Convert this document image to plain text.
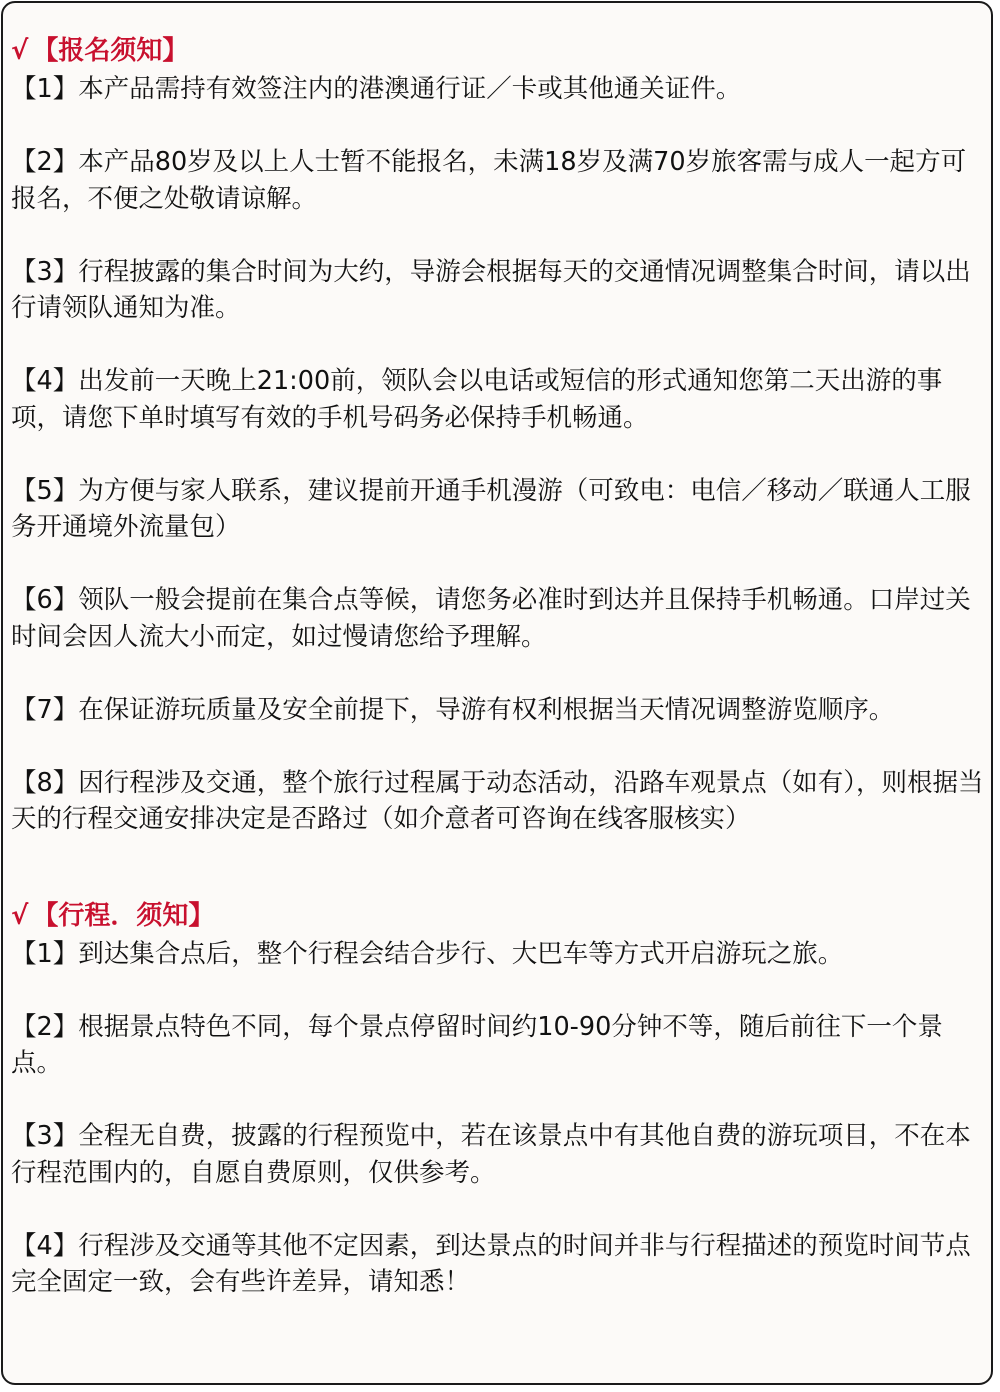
√ 【报名须知】
【1】本产品需持有效签注内的港澳通行证／卡或其他通关证件。
【2】本产品80岁及以上人士暂不能报名，未满18岁及满70岁旅客需与成人一起方可报名，不便之处敬请谅解。
【3】行程披露的集合时间为大约，导游会根据每天的交通情况调整集合时间，请以出行请领队通知为准。
【4】出发前一天晚上21:00前，领队会以电话或短信的形式通知您第二天出游的事项，请您下单时填写有效的手机号码务必保持手机畅通。
【5】为方便与家人联系，建议提前开通手机漫游（可致电：电信／移动／联通人工服务开通境外流量包）
【6】领队一般会提前在集合点等候，请您务必准时到达并且保持手机畅通。口岸过关时间会因人流大小而定，如过慢请您给予理解。
【7】在保证游玩质量及安全前提下，导游有权利根据当天情况调整游览顺序。
【8】因行程涉及交通，整个旅行过程属于动态活动，沿路车观景点（如有），则根据当天的行程交通安排决定是否路过（如介意者可咨询在线客服核实）
√ 【行程．须知】
【1】到达集合点后，整个行程会结合步行、大巴车等方式开启游玩之旅。
【2】根据景点特色不同，每个景点停留时间约10-90分钟不等，随后前往下一个景点。
【3】全程无自费，披露的行程预览中，若在该景点中有其他自费的游玩项目，不在本行程范围内的，自愿自费原则，仅供参考。
【4】行程涉及交通等其他不定因素，到达景点的时间并非与行程描述的预览时间节点完全固定一致，会有些许差异，请知悉！
